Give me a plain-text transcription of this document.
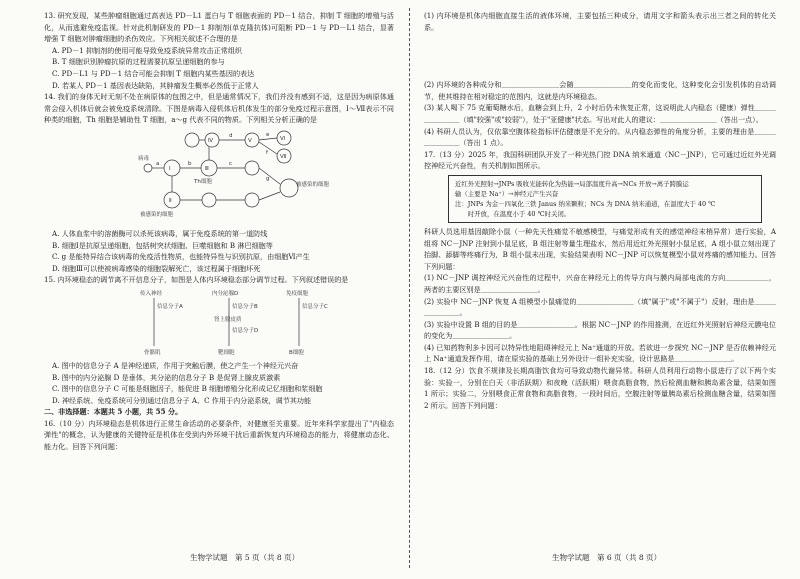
13. 研究发现，某些肿瘤细胞通过高表达 PD－L1 蛋白与 T 细胞表面的 PD－1 结合，抑制 T 细胞的增殖与活化，从而逃避免疫监视。针对此机制研发的 PD－1 抑制剂(单克隆抗体)可阻断 PD－1 与 PD－L1 结合，显著增强 T 细胞对肿瘤细胞的杀伤效应。下列相关叙述不合理的是

A. PD－1 抑制剂的使用可能导致免疫系统异常攻击正常组织

B. T 细胞识别肿瘤抗原的过程需要抗原呈递细胞的参与

C. PD－L1 与 PD－1 结合可能会抑制 T 细胞内某些基因的表达

D. 若某人 PD－1 基因表达缺陷，其肿瘤发生概率必然低于正常人

14. 我们的身体无时无刻不处在病原体的包围之中，但是通常情况下，我们并没有感到不适，这是因为病原体通常会侵入机体后就会被免疫系统清除。下图是病毒入侵机体后机体发生的部分免疫过程示意图，Ⅰ～Ⅶ表示不同种类的细胞，Th 细胞是辅助性 T 细胞，a～g 代表不同的物质。下列相关分析正确的是

病毒
Th细胞	被感染的细胞
被感染的细胞
Ⅰ
Ⅱ
Ⅲ
Ⅳ	Ⅴ	Ⅵ
Ⅶ
a	b	c
d	e
f
g

A. 人体血浆中的溶菌酶可以杀死该病毒，属于免疫系统的第一道防线

B. 细胞Ⅰ是抗原呈递细胞，包括树突状细胞、巨噬细胞和 B 淋巴细胞等

C. g 是能特异结合该病毒的免疫活性物质，也能特异性与识别抗原，由细胞Ⅵ产生

D. 细胞Ⅲ可以使被病毒感染的细胞裂解死亡，该过程属于细胞坏死

15. 内环境稳态的调节离不开信息分子，如图是人体内环境稳态部分调节过程。下列叙述错误的是

传入神经	内分泌腺D	免疫细胞
信息分子A	信息分子B	信息分子C
肾上腺皮质
信息分子D
骨骼肌	靶细胞	B细胞

A. 图中的信息分子 A 是神经递质，作用于突触后膜，使之产生一个神经元兴奋

B. 图中的内分泌腺 D 是垂体，其分泌的信息分子 B 是促肾上腺皮质激素

C. 图中的信息分子 C 可能是细胞因子，能促进 B 细胞增殖分化形成记忆细胞和浆细胞

D. 神经系统、免疫系统可分别通过信息分子 A、C 作用于内分泌系统，调节其功能

二、非选择题：本题共 5 小题，共 55 分。

16.（10 分）内环境稳态是机体进行正常生命活动的必要条件，对健康至关重要。近年来科学家提出了"内稳态弹性"的概念，认为健康的关键特征是机体在受到内外环境干扰后重新恢复内环境稳态的能力，将健康动态化、能力化。回答下列问题：

(1) 内环境是机体内细胞直接生活的液体环境，主要包括三种成分，请用文字和箭头表示出三者之间的转化关系。

(2) 内环境的各种成分和＿＿＿＿＿＿＿＿会随＿＿＿＿＿＿＿＿的变化而变化，这种变化会引发机体的自动调节，使其维持在相对稳定的范围内，这就是内环境稳态。

(3) 某人喝下 75 克葡萄糖水后，血糖会到上升，2 小时后仍未恢复正常，这说明此人内稳态（健康）弹性＿＿＿＿＿＿＿＿（填"较强"或"较弱"），处于"亚健康"状态。写出对此人的建议：＿＿＿＿＿＿＿＿（答出一点）。

(4) 科研人员认为，仅依靠空腹体检指标评估健康是不充分的。从内稳态弹性的角度分析，主要的理由是＿＿＿＿＿＿＿＿（答出 1 点）。

17.（13 分）2025 年，我国科研团队开发了一种光热门控 DNA 纳米通道（NC－JNP），它可通过近红外光调控神经元兴奋性，有关机制如图所示。

近红外光照射→JNPs 吸收光能转化为热能→局部温度升高→NCs 开放→离子跨膜运
输（主要是 Na⁺）→神经元产生兴奋
注：JNPs 为金－四氧化三铁 Janus 纳米颗粒；NCs 为 DNA 纳米通道，在温度大于 40 ℃
　　时开放，在温度小于 40 ℃时关闭。

科研人员选用基因敲除小鼠（一种先天性痛觉不敏感模型，与痛觉形成有关的感觉神经末梢异常）进行实验，A 组将 NC－JNP 注射到小鼠足底，B 组注射等量生理盐水，然后用近红外光照射小鼠足底，A 组小鼠立刻出现了抬脚、舔脚等疼痛行为，B 组小鼠未出现，实验结果表明 NC－JNP 可以恢复模型小鼠对疼痛的感知能力。回答下列问题：

(1) NC－JNP 调控神经元兴奋性的过程中，兴奋在神经元上的传导方向与膜内局部电流的方向＿＿＿＿＿＿，两者的主要区别是＿＿＿＿＿＿＿＿。

(2) 实验中 NC－JNP 恢复 A 组模型小鼠痛觉的＿＿＿＿＿＿＿＿（填"属于"或"不属于"）反射，理由是＿＿＿＿＿＿＿＿。

(3) 实验中设置 B 组的目的是＿＿＿＿＿＿＿＿。根据 NC－JNP 的作用推测，在近红外光照射后神经元膜电位的变化为＿＿＿＿＿＿＿＿。

(4) 已知药物利多卡因可以特异性地阻碍神经元上 Na⁺通道的开放。若欲进一步探究 NC－JNP 是否依赖神经元上 Na⁺通道发挥作用，请在原实验的基础上另外设计一组补充实验，设计思路是＿＿＿＿＿＿＿＿。

18.（12 分）饮食不规律及长期高脂饮食均可导致动物代谢异常。科研人员利用行动物小鼠进行了以下两个实验：实验一，分别在白天（非活跃期）和夜晚（活跃期）喂食高脂食物，然后检测血糖和胰岛素含量，结果如图 1 所示；实验二，分别喂食正常食物和高脂食物，一段时间后，空腹注射等量胰岛素后检测血糖含量，结果如图 2 所示。回答下列问题：

生物学试题　第 5 页（共 8 页）	生物学试题　第 6 页（共 8 页）
